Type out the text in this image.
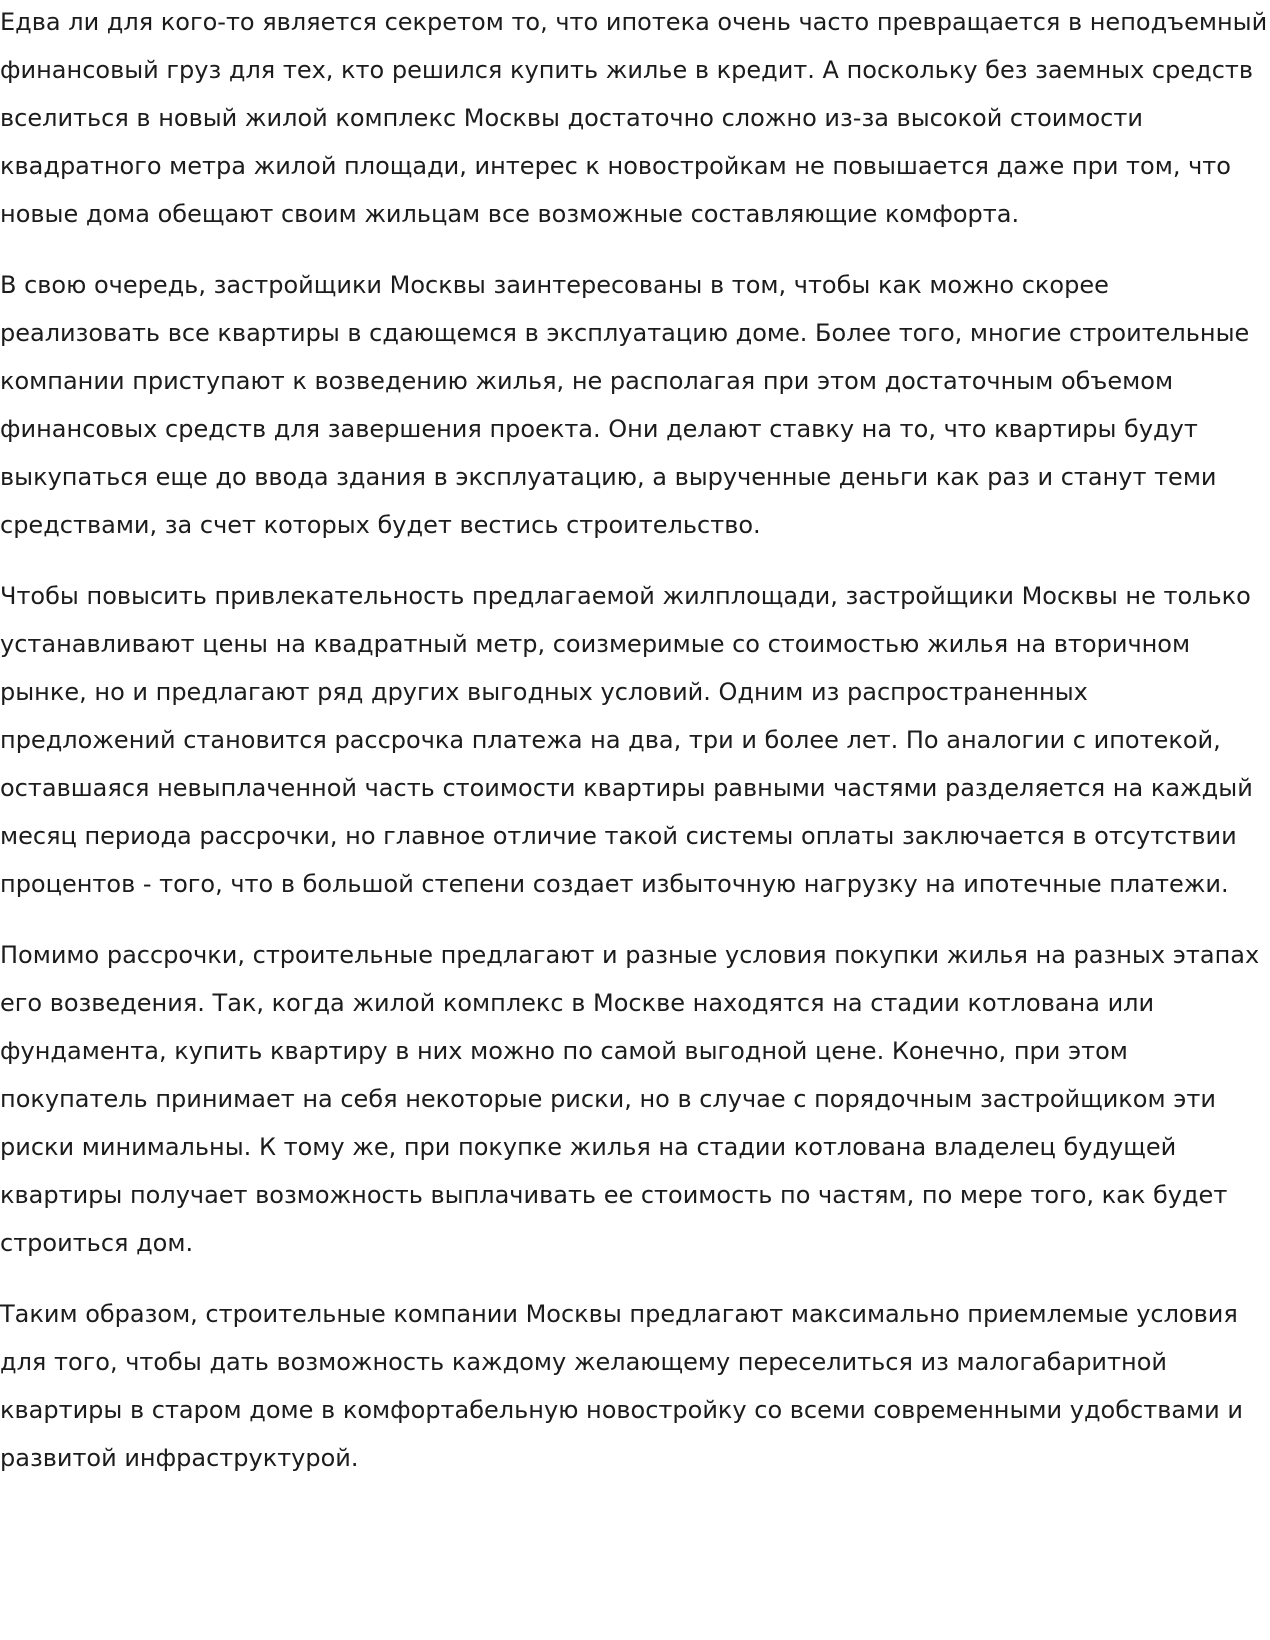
Едва ли для кого-то является секретом то, что ипотека очень часто превращается в неподъемный финансовый груз для тех, кто решился купить жилье в кредит. А поскольку без заемных средств вселиться в новый жилой комплекс Москвы достаточно сложно из-за высокой стоимости квадратного метра жилой площади, интерес к новостройкам не повышается даже при том, что новые дома обещают своим жильцам все возможные составляющие комфорта.

В свою очередь, застройщики Москвы заинтересованы в том, чтобы как можно скорее реализовать все квартиры в сдающемся в эксплуатацию доме. Более того, многие строительные компании приступают к возведению жилья, не располагая при этом достаточным объемом финансовых средств для завершения проекта. Они делают ставку на то, что квартиры будут выкупаться еще до ввода здания в эксплуатацию, а вырученные деньги как раз и станут теми средствами, за счет которых будет вестись строительство.

Чтобы повысить привлекательность предлагаемой жилплощади, застройщики Москвы не только устанавливают цены на квадратный метр, соизмеримые со стоимостью жилья на вторичном рынке, но и предлагают ряд других выгодных условий. Одним из распространенных предложений становится рассрочка платежа на два, три и более лет. По аналогии с ипотекой, оставшаяся невыплаченной часть стоимости квартиры равными частями разделяется на каждый месяц периода рассрочки, но главное отличие такой системы оплаты заключается в отсутствии процентов - того, что в большой степени создает избыточную нагрузку на ипотечные платежи.

Помимо рассрочки, строительные предлагают и разные условия покупки жилья на разных этапах его возведения. Так, когда жилой комплекс в Москве находятся на стадии котлована или фундамента, купить квартиру в них можно по самой выгодной цене. Конечно, при этом покупатель принимает на себя некоторые риски, но в случае с порядочным застройщиком эти риски минимальны. К тому же, при покупке жилья на стадии котлована владелец будущей квартиры получает возможность выплачивать ее стоимость по частям, по мере того, как будет строиться дом.

Таким образом, строительные компании Москвы предлагают максимально приемлемые условия для того, чтобы дать возможность каждому желающему переселиться из малогабаритной квартиры в старом доме в комфортабельную новостройку со всеми современными удобствами и развитой инфраструктурой.
